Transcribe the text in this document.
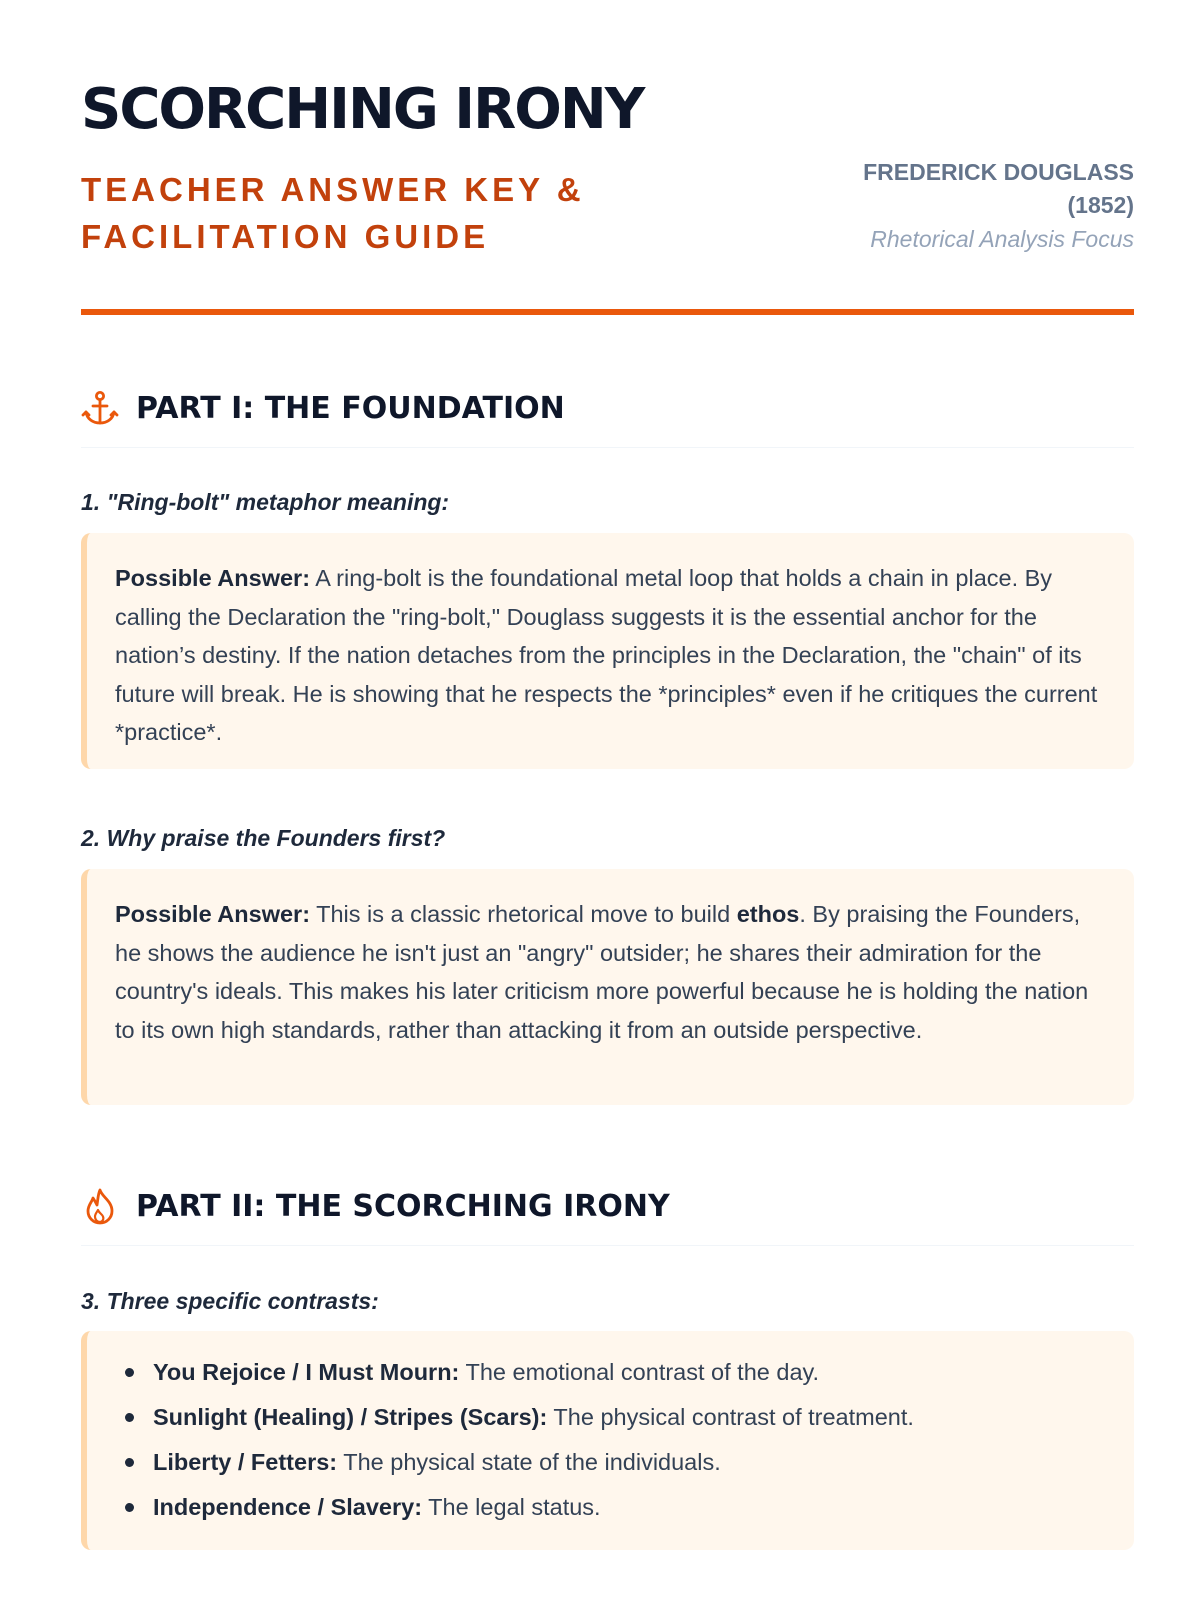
SCORCHING IRONY
TEACHER ANSWER KEY & FACILITATION GUIDE
FREDERICK DOUGLASS (1852)
Rhetorical Analysis Focus
PART I: THE FOUNDATION
1. "Ring-bolt" metaphor meaning:
Possible Answer: A ring-bolt is the foundational metal loop that holds a chain in place. By calling the Declaration the "ring-bolt," Douglass suggests it is the essential anchor for the nation’s destiny. If the nation detaches from the principles in the Declaration, the "chain" of its future will break. He is showing that he respects the *principles* even if he critiques the current *practice*.
2. Why praise the Founders first?
Possible Answer: This is a classic rhetorical move to build ethos. By praising the Founders, he shows the audience he isn't just an "angry" outsider; he shares their admiration for the country's ideals. This makes his later criticism more powerful because he is holding the nation to its own high standards, rather than attacking it from an outside perspective.
PART II: THE SCORCHING IRONY
3. Three specific contrasts:
You Rejoice / I Must Mourn: The emotional contrast of the day.
Sunlight (Healing) / Stripes (Scars): The physical contrast of treatment.
Liberty / Fetters: The physical state of the individuals.
Independence / Slavery: The legal status.
